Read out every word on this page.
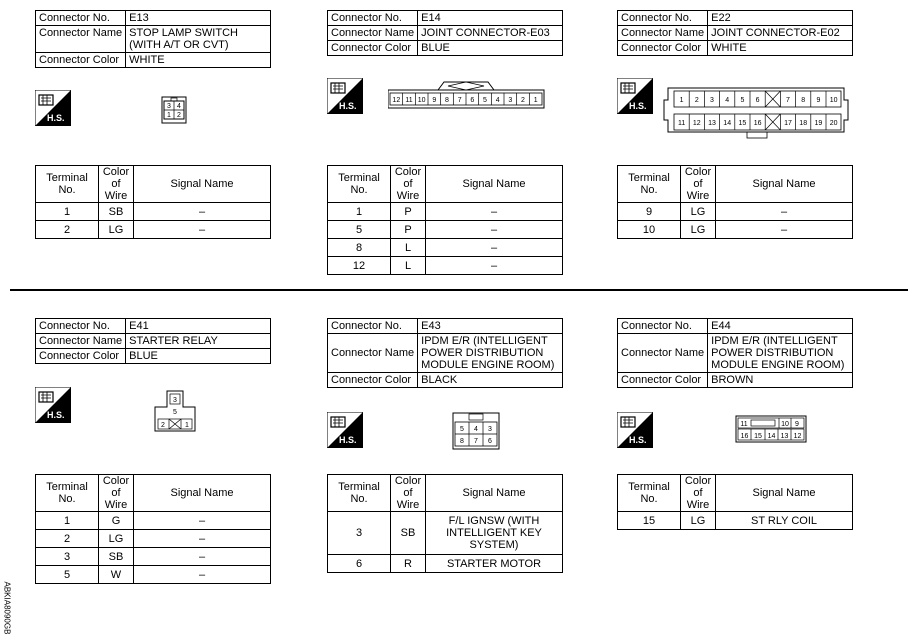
Connector No.	E13
Connector Name	STOP LAMP SWITCH (WITH A/T OR CVT)
Connector Color	WHITE
H.S.
3 4
1 2
Terminal No.	Color of Wire	Signal Name
1	SB	–
2	LG	–
Connector No.	E14
Connector Name	JOINT CONNECTOR-E03
Connector Color	BLUE
H.S.
12 11 10 9 8 7 6 5 4 3 2 1
Terminal No.	Color of Wire	Signal Name
1	P	–
5	P	–
8	L	–
12	L	–
Connector No.	E22
Connector Name	JOINT CONNECTOR-E02
Connector Color	WHITE
H.S.
1 2 3 4 5 6	7 8 9 10
11 12 13 14 15 16	17 18 19 20
Terminal No.	Color of Wire	Signal Name
9	LG	–
10	LG	–
Connector No.	E41
Connector Name	STARTER RELAY
Connector Color	BLUE
H.S.
3
5
2	1
Terminal No.	Color of Wire	Signal Name
1	G	–
2	LG	–
3	SB	–
5	W	–
Connector No.	E43
Connector Name	IPDM E/R (INTELLIGENT POWER DISTRIBUTION MODULE ENGINE ROOM)
Connector Color	BLACK
H.S.
5 4 3
8 7 6
Terminal No.	Color of Wire	Signal Name
3	SB	F/L IGNSW (WITH INTELLIGENT KEY SYSTEM)
6	R	STARTER MOTOR
Connector No.	E44
Connector Name	IPDM E/R (INTELLIGENT POWER DISTRIBUTION MODULE ENGINE ROOM)
Connector Color	BROWN
H.S.
11	10 9
16 15 14 13 12
Terminal No.	Color of Wire	Signal Name
15	LG	ST RLY COIL
ABKIA8090GB
